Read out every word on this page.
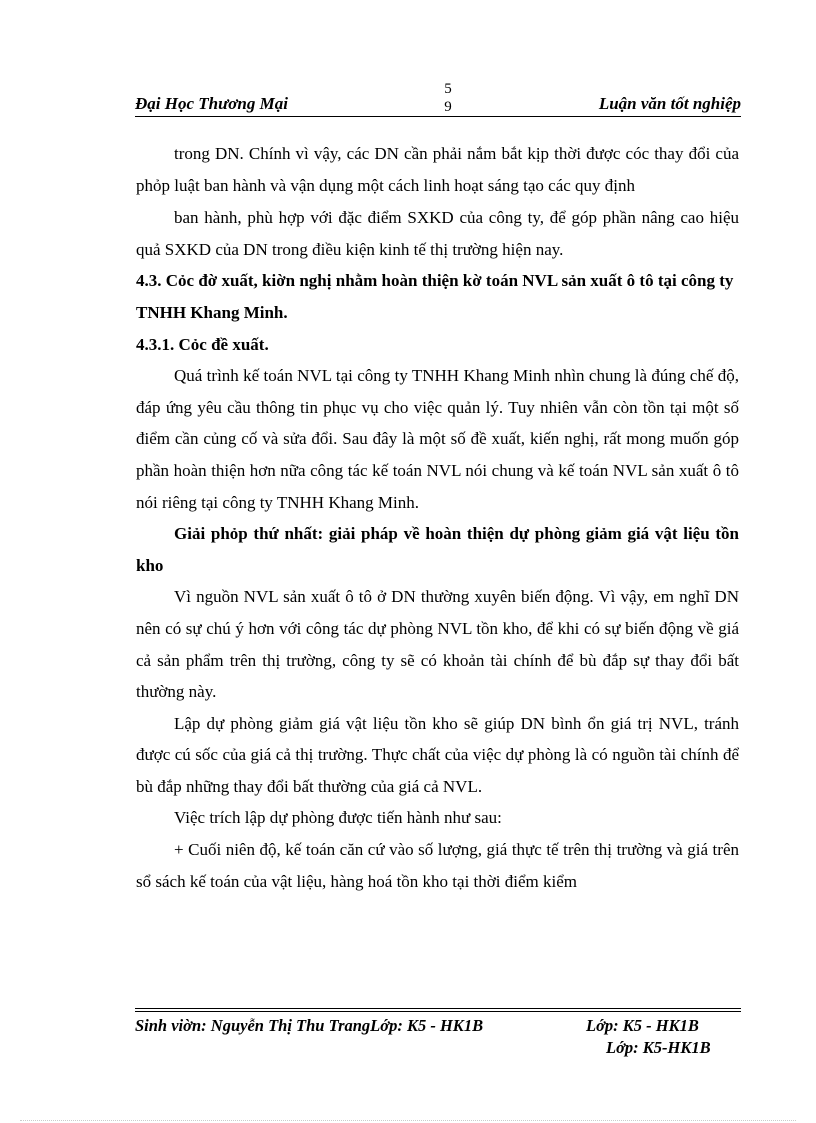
Đại Học Thương Mại
5
9	Luận văn tốt nghiệp

trong DN. Chính vì vậy, các DN cần phải nắm bắt kịp thời được cóc thay đổi của phỏp luật ban hành và vận dụng một cách linh hoạt sáng tạo các quy định

ban hành, phù hợp với đặc điểm SXKD của công ty, để góp phần nâng cao hiệu quả SXKD của DN trong điều kiện kinh tế thị trường hiện nay.

4.3. Cỏc đờ xuất, kiờn nghị nhằm hoàn thiện kờ toán NVL sản xuất ô tô tại công ty TNHH Khang Minh.

4.3.1. Cỏc đề xuất.

Quá trình kế toán NVL tại công ty TNHH Khang Minh nhìn chung là đúng chế độ, đáp ứng yêu cầu thông tin phục vụ cho việc quản lý. Tuy nhiên vẫn còn tồn tại một số điểm cần củng cố và sửa đổi. Sau đây là một số đề xuất, kiến nghị, rất mong muốn góp phần hoàn thiện hơn nữa công tác kế toán NVL nói chung và kế toán NVL sản xuất ô tô nói riêng tại công ty TNHH Khang Minh.

Giải phỏp thứ nhất: giải pháp về hoàn thiện dự phòng giảm giá vật liệu tồn kho

Vì nguồn NVL sản xuất ô tô ở DN thường xuyên biến động. Vì vậy, em nghĩ DN nên có sự chú ý hơn với công tác dự phòng NVL tồn kho, để khi có sự biến động về giá cả sản phẩm trên thị trường, công ty sẽ có khoản tài chính để bù đắp sự thay đổi bất thường này.

Lập dự phòng giảm giá vật liệu tồn kho sẽ giúp DN bình ổn giá trị NVL, tránh được cú sốc của giá cả thị trường. Thực chất của việc dự phòng là có nguồn tài chính để bù đắp những thay đổi bất thường của giá cả NVL.

Việc trích lập dự phòng được tiến hành như sau:

+ Cuối niên độ, kế toán căn cứ vào số lượng, giá thực tế trên thị trường và giá trên sổ sách kế toán của vật liệu, hàng hoá tồn kho tại thời điểm kiểm

Sinh viờn: Nguyễn Thị Thu TrangLớp: K5 - HK1B	Lớp: K5 - HK1B
Lớp: K5-HK1B
